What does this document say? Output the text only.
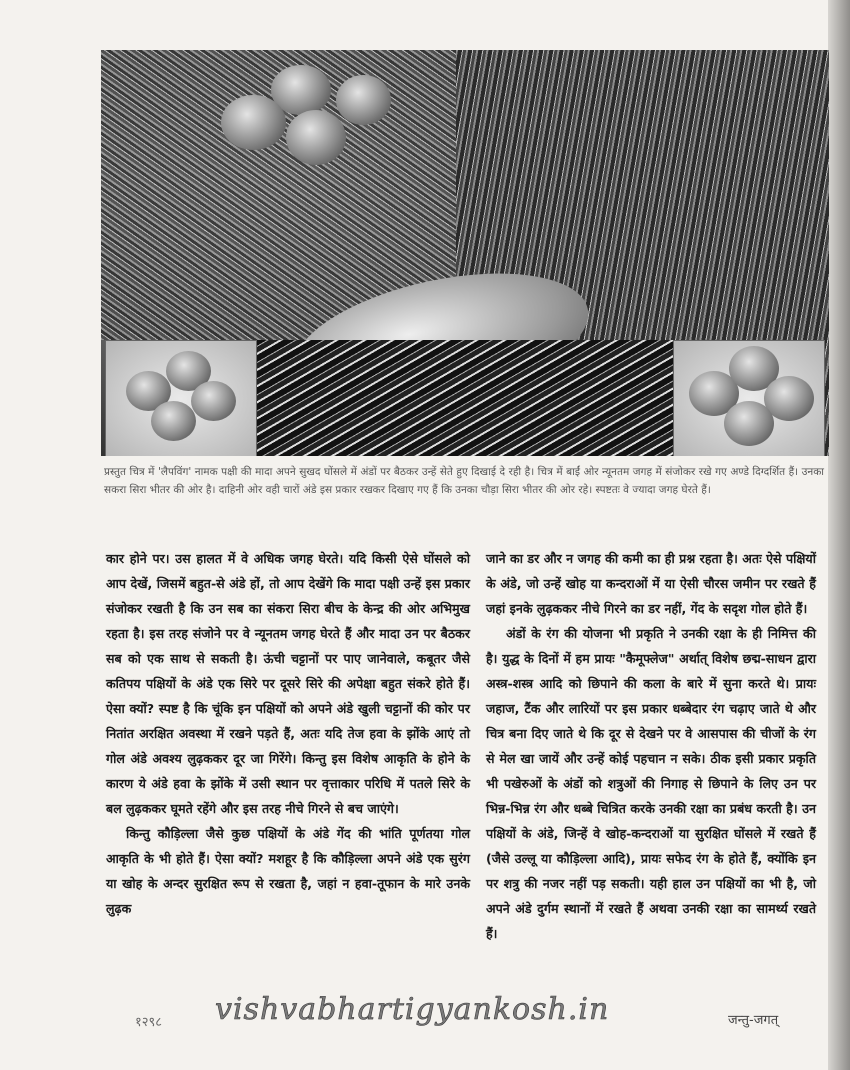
प्रस्तुत चित्र में 'लैपविंग' नामक पक्षी की मादा अपने सुखद घोंसले में अंडों पर बैठकर उन्हें सेते हुए दिखाई दे रही है। चित्र में बाईं ओर न्यूनतम जगह में संजोकर रखे गए अण्डे दिग्दर्शित हैं। उनका सकरा सिरा भीतर की ओर है। दाहिनी ओर वही चारों अंडे इस प्रकार रखकर दिखाए गए हैं कि उनका चौड़ा सिरा भीतर की ओर रहे। स्पष्टतः वे ज्यादा जगह घेरते हैं।

कार होने पर। उस हालत में वे अधिक जगह घेरते। यदि किसी ऐसे घोंसले को आप देखें, जिसमें बहुत-से अंडे हों, तो आप देखेंगे कि मादा पक्षी उन्हें इस प्रकार संजोकर रखती है कि उन सब का संकरा सिरा बीच के केन्द्र की ओर अभिमुख रहता है। इस तरह संजोने पर वे न्यूनतम जगह घेरते हैं और मादा उन पर बैठकर सब को एक साथ से सकती है। ऊंची चट्टानों पर पाए जानेवाले, कबूतर जैसे कतिपय पक्षियों के अंडे एक सिरे पर दूसरे सिरे की अपेक्षा बहुत संकरे होते हैं। ऐसा क्यों? स्पष्ट है कि चूंकि इन पक्षियों को अपने अंडे खुली चट्टानों की कोर पर नितांत अरक्षित अवस्था में रखने पड़ते हैं, अतः यदि तेज हवा के झोंके आएं तो गोल अंडे अवश्य लुढ़ककर दूर जा गिरेंगे। किन्तु इस विशेष आकृति के होने के कारण ये अंडे हवा के झोंके में उसी स्थान पर वृत्ताकार परिधि में पतले सिरे के बल लुढ़ककर घूमते रहेंगे और इस तरह नीचे गिरने से बच जाएंगे।

किन्तु कौड़िल्ला जैसे कुछ पक्षियों के अंडे गेंद की भांति पूर्णतया गोल आकृति के भी होते हैं। ऐसा क्यों? मशहूर है कि कौड़िल्ला अपने अंडे एक सुरंग या खोह के अन्दर सुरक्षित रूप से रखता है, जहां न हवा-तूफान के मारे उनके लुढ़क

जाने का डर और न जगह की कमी का ही प्रश्न रहता है। अतः ऐसे पक्षियों के अंडे, जो उन्हें खोह या कन्दराओं में या ऐसी चौरस जमीन पर रखते हैं जहां इनके लुढ़ककर नीचे गिरने का डर नहीं, गेंद के सदृश गोल होते हैं।

अंडों के रंग की योजना भी प्रकृति ने उनकी रक्षा के ही निमित्त की है। युद्ध के दिनों में हम प्रायः "कैमूफ्लेज" अर्थात् विशेष छद्म-साधन द्वारा अस्त्र-शस्त्र आदि को छिपाने की कला के बारे में सुना करते थे। प्रायः जहाज, टैंक और लारियों पर इस प्रकार धब्बेदार रंग चढ़ाए जाते थे और चित्र बना दिए जाते थे कि दूर से देखने पर वे आसपास की चीजों के रंग से मेल खा जायें और उन्हें कोई पहचान न सके। ठीक इसी प्रकार प्रकृति भी पखेरुओं के अंडों को शत्रुओं की निगाह से छिपाने के लिए उन पर भिन्न-भिन्न रंग और धब्बे चित्रित करके उनकी रक्षा का प्रबंध करती है। उन पक्षियों के अंडे, जिन्हें वे खोह-कन्दराओं या सुरक्षित घोंसले में रखते हैं (जैसे उल्लू या कौड़िल्ला आदि), प्रायः सफेद रंग के होते हैं, क्योंकि इन पर शत्रु की नजर नहीं पड़ सकती। यही हाल उन पक्षियों का भी है, जो अपने अंडे दुर्गम स्थानों में रखते हैं अथवा उनकी रक्षा का सामर्थ्य रखते हैं।

vishvabhartigyankosh.in
१२९८	जन्तु-जगत्
